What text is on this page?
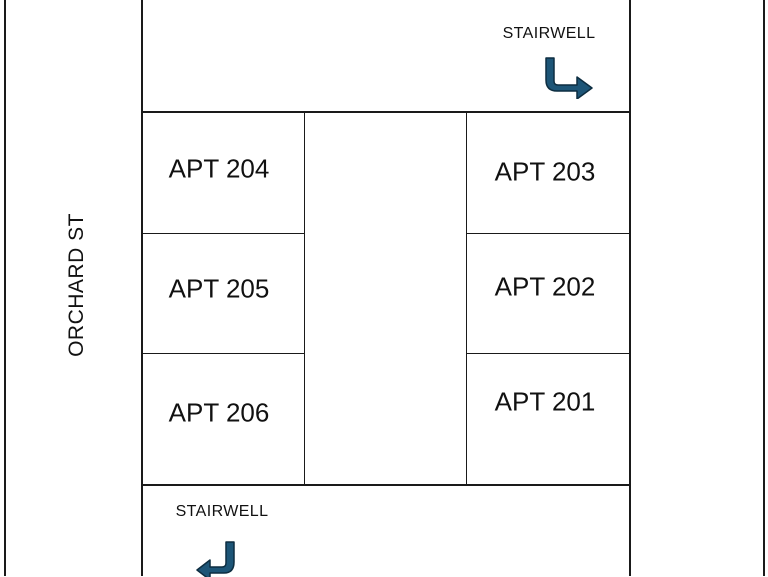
ORCHARD ST
APT 204
APT 205
APT 206
APT 203
APT 202
APT 201
STAIRWELL
STAIRWELL
